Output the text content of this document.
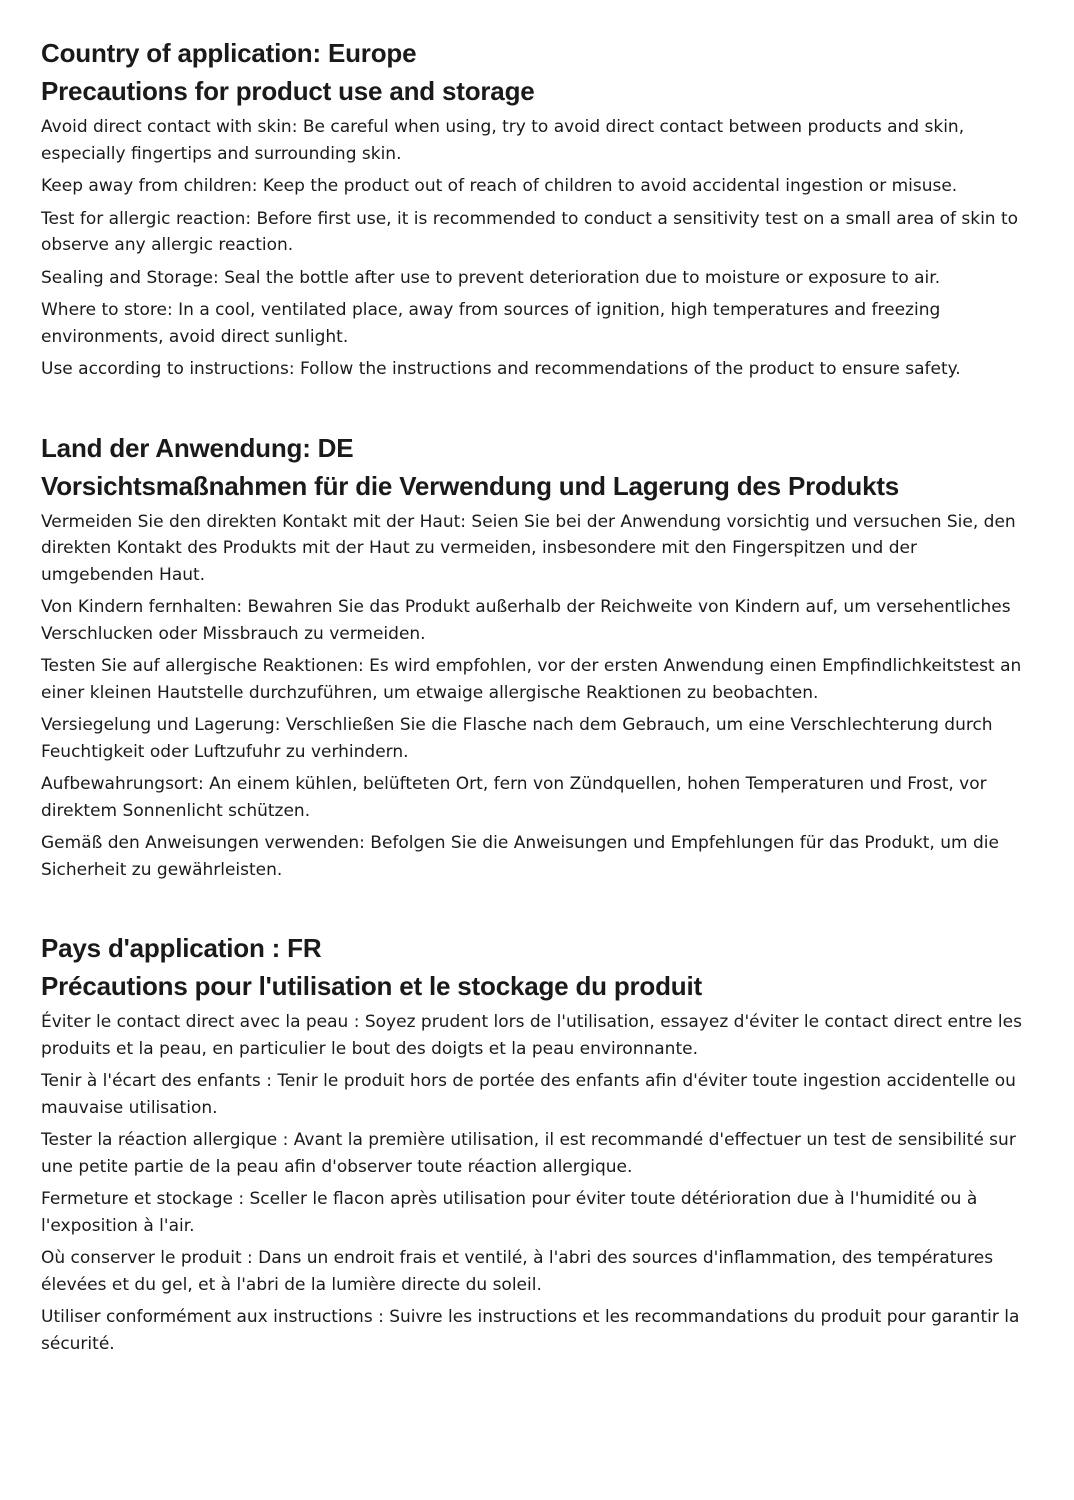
Country of application: Europe
Precautions for product use and storage
Avoid direct contact with skin: Be careful when using, try to avoid direct contact between products and skin, especially fingertips and surrounding skin.
Keep away from children: Keep the product out of reach of children to avoid accidental ingestion or misuse.
Test for allergic reaction: Before first use, it is recommended to conduct a sensitivity test on a small area of skin to observe any allergic reaction.
Sealing and Storage: Seal the bottle after use to prevent deterioration due to moisture or exposure to air.
Where to store: In a cool, ventilated place, away from sources of ignition, high temperatures and freezing environments, avoid direct sunlight.
Use according to instructions: Follow the instructions and recommendations of the product to ensure safety.
Land der Anwendung: DE
Vorsichtsmaßnahmen für die Verwendung und Lagerung des Produkts
Vermeiden Sie den direkten Kontakt mit der Haut: Seien Sie bei der Anwendung vorsichtig und versuchen Sie, den direkten Kontakt des Produkts mit der Haut zu vermeiden, insbesondere mit den Fingerspitzen und der umgebenden Haut.
Von Kindern fernhalten: Bewahren Sie das Produkt außerhalb der Reichweite von Kindern auf, um versehentliches Verschlucken oder Missbrauch zu vermeiden.
Testen Sie auf allergische Reaktionen: Es wird empfohlen, vor der ersten Anwendung einen Empfindlichkeitstest an einer kleinen Hautstelle durchzuführen, um etwaige allergische Reaktionen zu beobachten.
Versiegelung und Lagerung: Verschließen Sie die Flasche nach dem Gebrauch, um eine Verschlechterung durch Feuchtigkeit oder Luftzufuhr zu verhindern.
Aufbewahrungsort: An einem kühlen, belüfteten Ort, fern von Zündquellen, hohen Temperaturen und Frost, vor direktem Sonnenlicht schützen.
Gemäß den Anweisungen verwenden: Befolgen Sie die Anweisungen und Empfehlungen für das Produkt, um die Sicherheit zu gewährleisten.
Pays d'application : FR
Précautions pour l'utilisation et le stockage du produit
Éviter le contact direct avec la peau : Soyez prudent lors de l'utilisation, essayez d'éviter le contact direct entre les produits et la peau, en particulier le bout des doigts et la peau environnante.
Tenir à l'écart des enfants : Tenir le produit hors de portée des enfants afin d'éviter toute ingestion accidentelle ou mauvaise utilisation.
Tester la réaction allergique : Avant la première utilisation, il est recommandé d'effectuer un test de sensibilité sur une petite partie de la peau afin d'observer toute réaction allergique.
Fermeture et stockage : Sceller le flacon après utilisation pour éviter toute détérioration due à l'humidité ou à l'exposition à l'air.
Où conserver le produit : Dans un endroit frais et ventilé, à l'abri des sources d'inflammation, des températures élevées et du gel, et à l'abri de la lumière directe du soleil.
Utiliser conformément aux instructions : Suivre les instructions et les recommandations du produit pour garantir la sécurité.
